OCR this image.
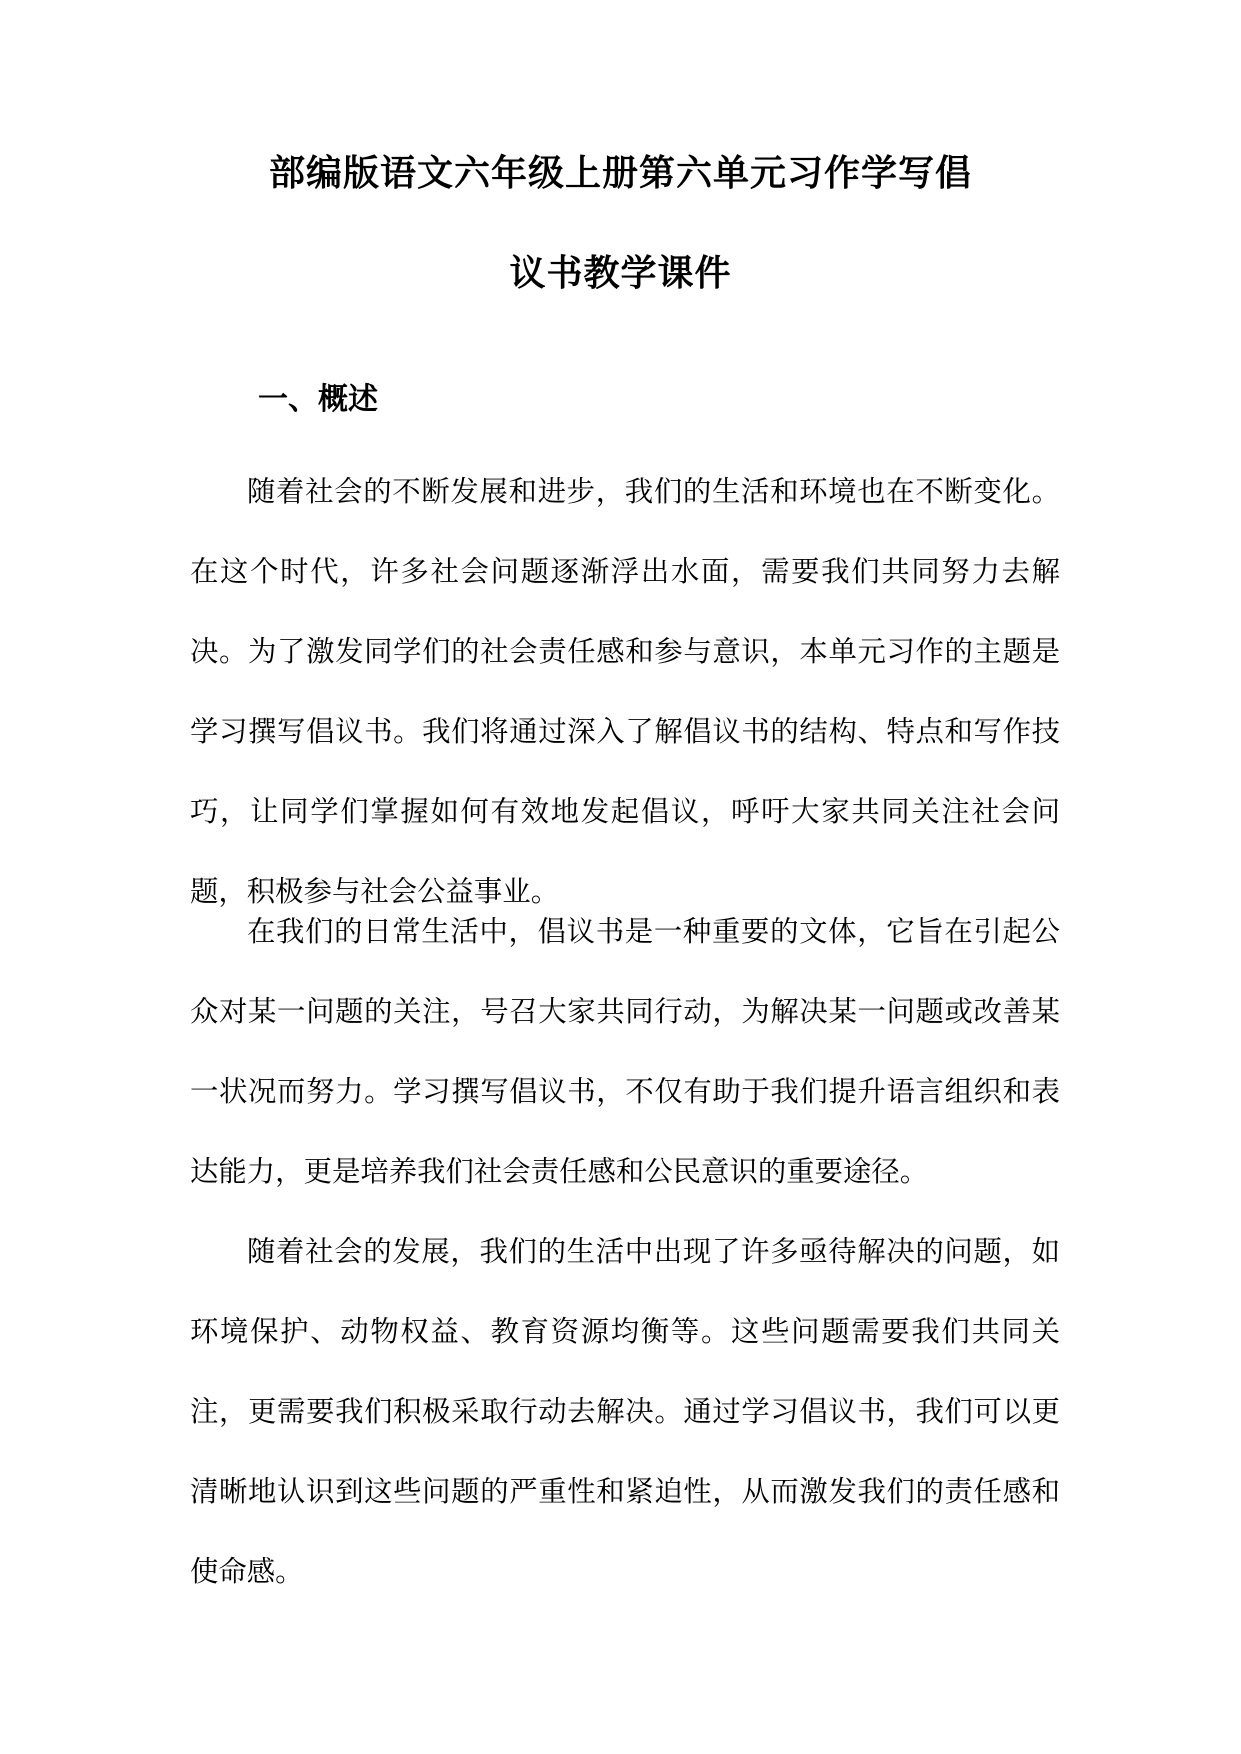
部编版语文六年级上册第六单元习作学写倡
议书教学课件
一、概述

随着社会的不断发展和进步，我们的生活和环境也在不断变化。在这个时代，许多社会问题逐渐浮出水面，需要我们共同努力去解决。为了激发同学们的社会责任感和参与意识，本单元习作的主题是学习撰写倡议书。我们将通过深入了解倡议书的结构、特点和写作技巧，让同学们掌握如何有效地发起倡议，呼吁大家共同关注社会问题，积极参与社会公益事业。

在我们的日常生活中，倡议书是一种重要的文体，它旨在引起公众对某一问题的关注，号召大家共同行动，为解决某一问题或改善某一状况而努力。学习撰写倡议书，不仅有助于我们提升语言组织和表达能力，更是培养我们社会责任感和公民意识的重要途径。

随着社会的发展，我们的生活中出现了许多亟待解决的问题，如环境保护、动物权益、教育资源均衡等。这些问题需要我们共同关注，更需要我们积极采取行动去解决。通过学习倡议书，我们可以更清晰地认识到这些问题的严重性和紧迫性，从而激发我们的责任感和使命感。
